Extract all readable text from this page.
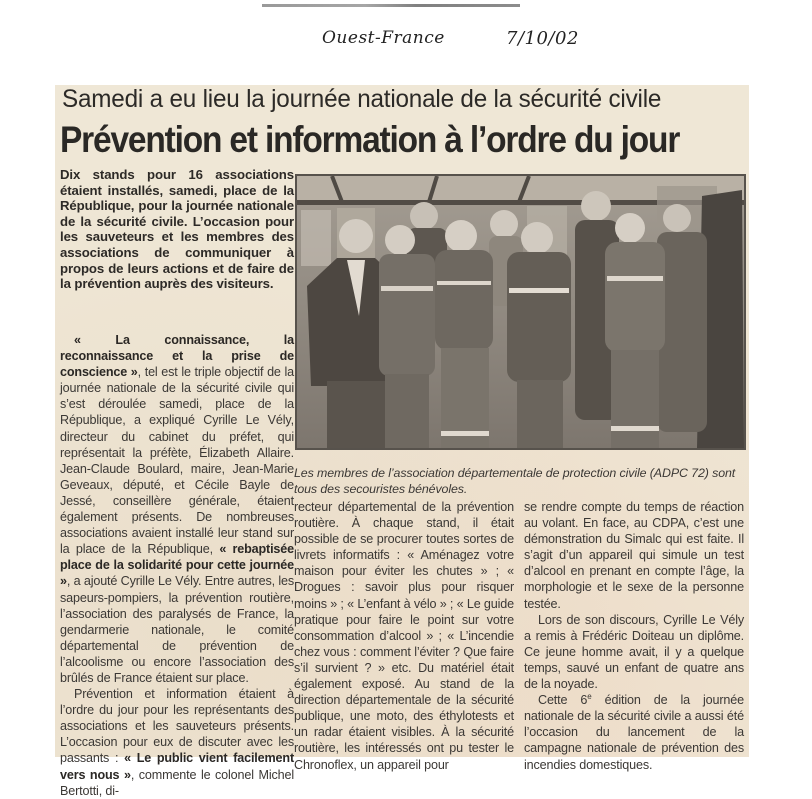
Ouest-France	7/10/02
Samedi a eu lieu la journée nationale de la sécurité civile
Prévention et information à l’ordre du jour
Dix stands pour 16 associations étaient installés, samedi, place de la République, pour la journée nationale de la sécurité civile. L’occasion pour les sauveteurs et les membres des associations de communiquer à propos de leurs actions et de faire de la prévention auprès des visiteurs.

« La connaissance, la reconnaissance et la prise de conscience », tel est le triple objectif de la journée nationale de la sécurité civile qui s’est déroulée samedi, place de la République, a expliqué Cyrille Le Vély, directeur du cabinet du préfet, qui représentait la préfète, Élizabeth Allaire. Jean-Claude Boulard, maire, Jean-Marie Geveaux, député, et Cécile Bayle de Jessé, conseillère générale, étaient également présents. De nombreuses associations avaient installé leur stand sur la place de la République, « rebaptisée place de la solidarité pour cette journée », a ajouté Cyrille Le Vély. Entre autres, les sapeurs-pompiers, la prévention routière, l’association des paralysés de France, la gendarmerie nationale, le comité départemental de prévention de l’alcoolisme ou encore l’association des brûlés de France étaient sur place.

Prévention et information étaient à l’ordre du jour pour les représentants des associations et les sauveteurs présents. L’occasion pour eux de discuter avec les passants : « Le public vient facilement vers nous », commente le colonel Michel Bertotti, di-

Les membres de l’association départementale de protection civile (ADPC 72) sont tous des secouristes bénévoles.

recteur départemental de la prévention routière. À chaque stand, il était possible de se procurer toutes sortes de livrets informatifs : « Aménagez votre maison pour éviter les chutes » ; « Drogues : savoir plus pour risquer moins » ; « L’enfant à vélo » ; « Le guide pratique pour faire le point sur votre consommation d’alcool » ; « L’incendie chez vous : comment l’éviter ? Que faire s’il survient ? » etc. Du matériel était également exposé. Au stand de la direction départementale de la sécurité publique, une moto, des éthylotests et un radar étaient visibles. À la sécurité routière, les intéressés ont pu tester le Chronoflex, un appareil pour

se rendre compte du temps de réaction au volant. En face, au CDPA, c’est une démonstration du Simalc qui est faite. Il s’agit d’un appareil qui simule un test d’alcool en prenant en compte l’âge, la morphologie et le sexe de la personne testée.

Lors de son discours, Cyrille Le Vély a remis à Frédéric Doiteau un diplôme. Ce jeune homme avait, il y a quelque temps, sauvé un enfant de quatre ans de la noyade.

Cette 6e édition de la journée nationale de la sécurité civile a aussi été l’occasion du lancement de la campagne nationale de prévention des incendies domestiques.
